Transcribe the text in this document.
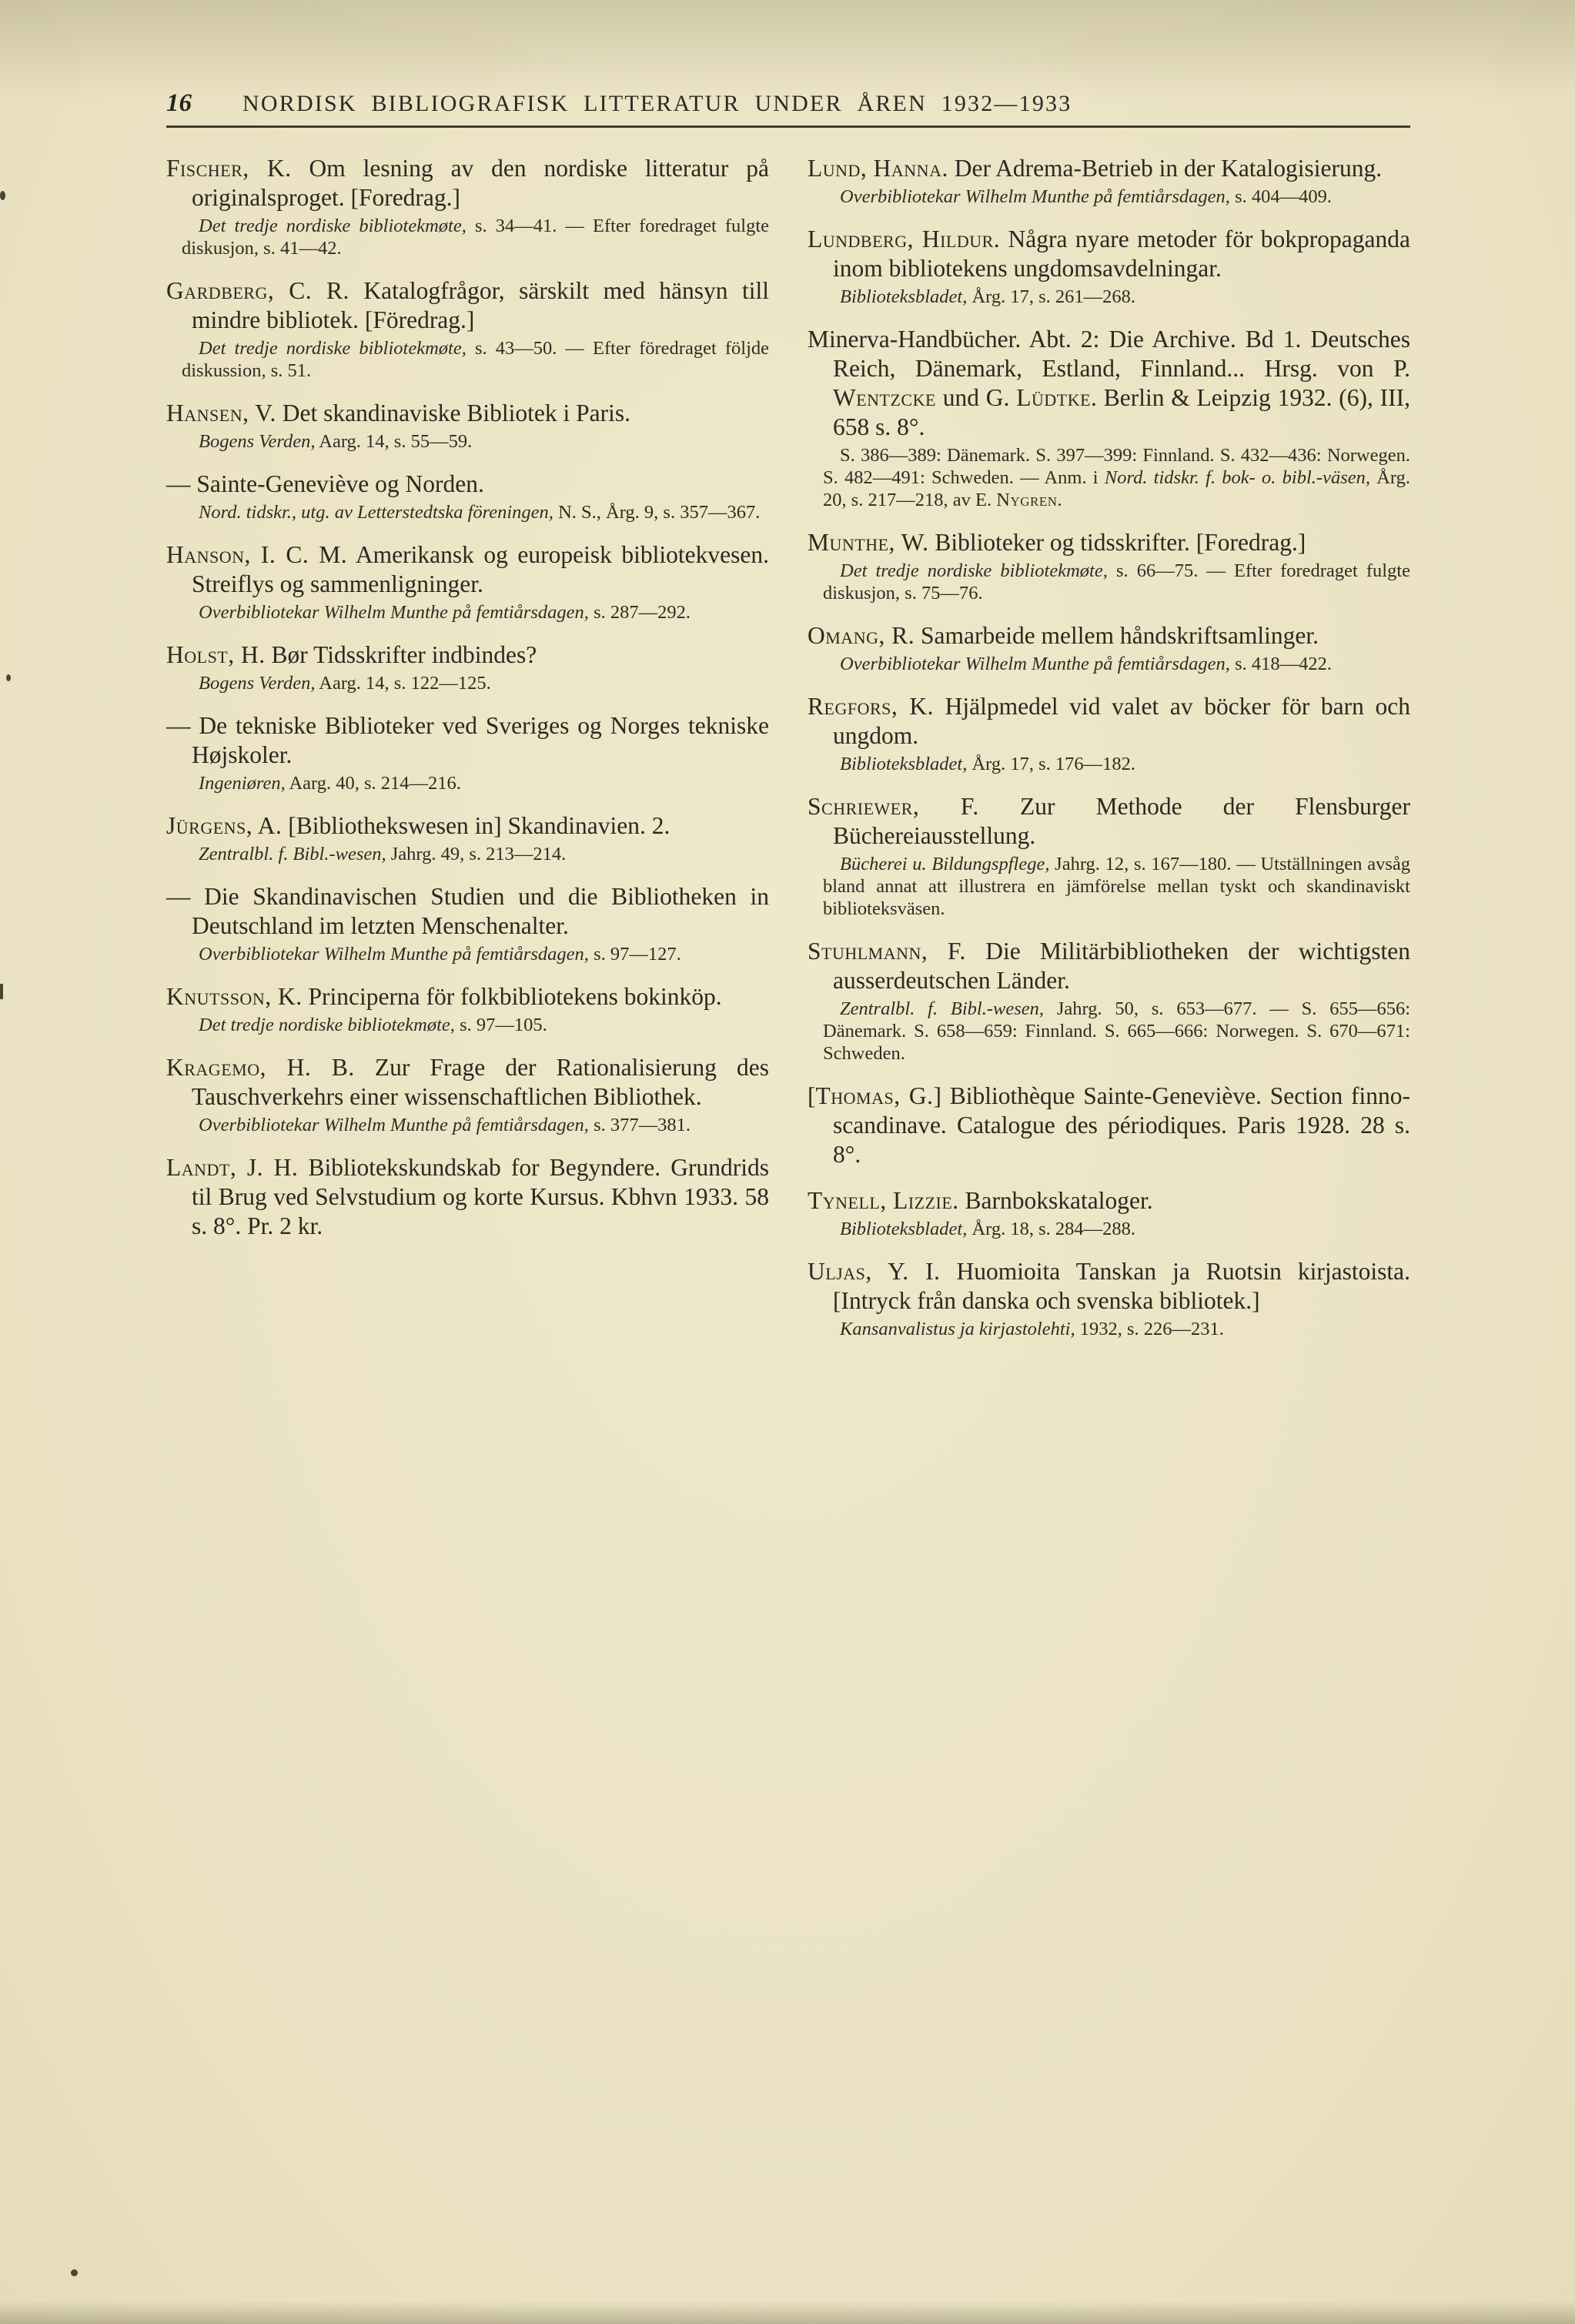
16 NORDISK BIBLIOGRAFISK LITTERATUR UNDER ÅREN 1932—1933

Fischer, K. Om lesning av den nordiske litteratur på originalsproget. [Foredrag.]

Det tredje nordiske bibliotekmøte, s. 34—41. — Efter foredraget fulgte diskusjon, s. 41—42.

Gardberg, C. R. Katalogfrågor, särskilt med hänsyn till mindre bibliotek. [Föredrag.]

Det tredje nordiske bibliotekmøte, s. 43—50. — Efter föredraget följde diskussion, s. 51.

Hansen, V. Det skandinaviske Bibliotek i Paris.

Bogens Verden, Aarg. 14, s. 55—59.

— Sainte-Geneviève og Norden.

Nord. tidskr., utg. av Letterstedtska föreningen, N. S., Årg. 9, s. 357—367.

Hanson, I. C. M. Amerikansk og europeisk bibliotekvesen. Streiflys og sammenligninger.

Overbibliotekar Wilhelm Munthe på femtiårsdagen, s. 287—292.

Holst, H. Bør Tidsskrifter indbindes?

Bogens Verden, Aarg. 14, s. 122—125.

— De tekniske Biblioteker ved Sveriges og Norges tekniske Højskoler.

Ingeniøren, Aarg. 40, s. 214—216.

Jürgens, A. [Bibliothekswesen in] Skandinavien. 2.

Zentralbl. f. Bibl.-wesen, Jahrg. 49, s. 213—214.

— Die Skandinavischen Studien und die Bibliotheken in Deutschland im letzten Menschenalter.

Overbibliotekar Wilhelm Munthe på femtiårsdagen, s. 97—127.

Knutsson, K. Principerna för folkbibliotekens bokinköp.

Det tredje nordiske bibliotekmøte, s. 97—105.

Kragemo, H. B. Zur Frage der Rationalisierung des Tauschverkehrs einer wissenschaftlichen Bibliothek.

Overbibliotekar Wilhelm Munthe på femtiårsdagen, s. 377—381.

Landt, J. H. Bibliotekskundskab for Begyndere. Grundrids til Brug ved Selvstudium og korte Kursus. Kbhvn 1933. 58 s. 8°. Pr. 2 kr.

Lund, Hanna. Der Adrema-Betrieb in der Katalogisierung.

Overbibliotekar Wilhelm Munthe på femtiårsdagen, s. 404—409.

Lundberg, Hildur. Några nyare metoder för bokpropaganda inom bibliotekens ungdomsavdelningar.

Biblioteksbladet, Årg. 17, s. 261—268.

Minerva-Handbücher. Abt. 2: Die Archive. Bd 1. Deutsches Reich, Dänemark, Estland, Finnland... Hrsg. von P. Wentzcke und G. Lüdtke. Berlin & Leipzig 1932. (6), III, 658 s. 8°.

S. 386—389: Dänemark. S. 397—399: Finnland. S. 432—436: Norwegen. S. 482—491: Schweden. — Anm. i Nord. tidskr. f. bok- o. bibl.-väsen, Årg. 20, s. 217—218, av E. Nygren.

Munthe, W. Biblioteker og tidsskrifter. [Foredrag.]

Det tredje nordiske bibliotekmøte, s. 66—75. — Efter foredraget fulgte diskusjon, s. 75—76.

Omang, R. Samarbeide mellem håndskriftsamlinger.

Overbibliotekar Wilhelm Munthe på femtiårsdagen, s. 418—422.

Regfors, K. Hjälpmedel vid valet av böcker för barn och ungdom.

Biblioteksbladet, Årg. 17, s. 176—182.

Schriewer, F. Zur Methode der Flensburger Büchereiausstellung.

Bücherei u. Bildungspflege, Jahrg. 12, s. 167—180. — Utställningen avsåg bland annat att illustrera en jämförelse mellan tyskt och skandinaviskt biblioteksväsen.

Stuhlmann, F. Die Militärbibliotheken der wichtigsten ausserdeutschen Länder.

Zentralbl. f. Bibl.-wesen, Jahrg. 50, s. 653—677. — S. 655—656: Dänemark. S. 658—659: Finnland. S. 665—666: Norwegen. S. 670—671: Schweden.

[Thomas, G.] Bibliothèque Sainte-Geneviève. Section finno-scandinave. Catalogue des périodiques. Paris 1928. 28 s. 8°.

Tynell, Lizzie. Barnbokskataloger.

Biblioteksbladet, Årg. 18, s. 284—288.

Uljas, Y. I. Huomioita Tanskan ja Ruotsin kirjastoista. [Intryck från danska och svenska bibliotek.]

Kansanvalistus ja kirjastolehti, 1932, s. 226—231.
